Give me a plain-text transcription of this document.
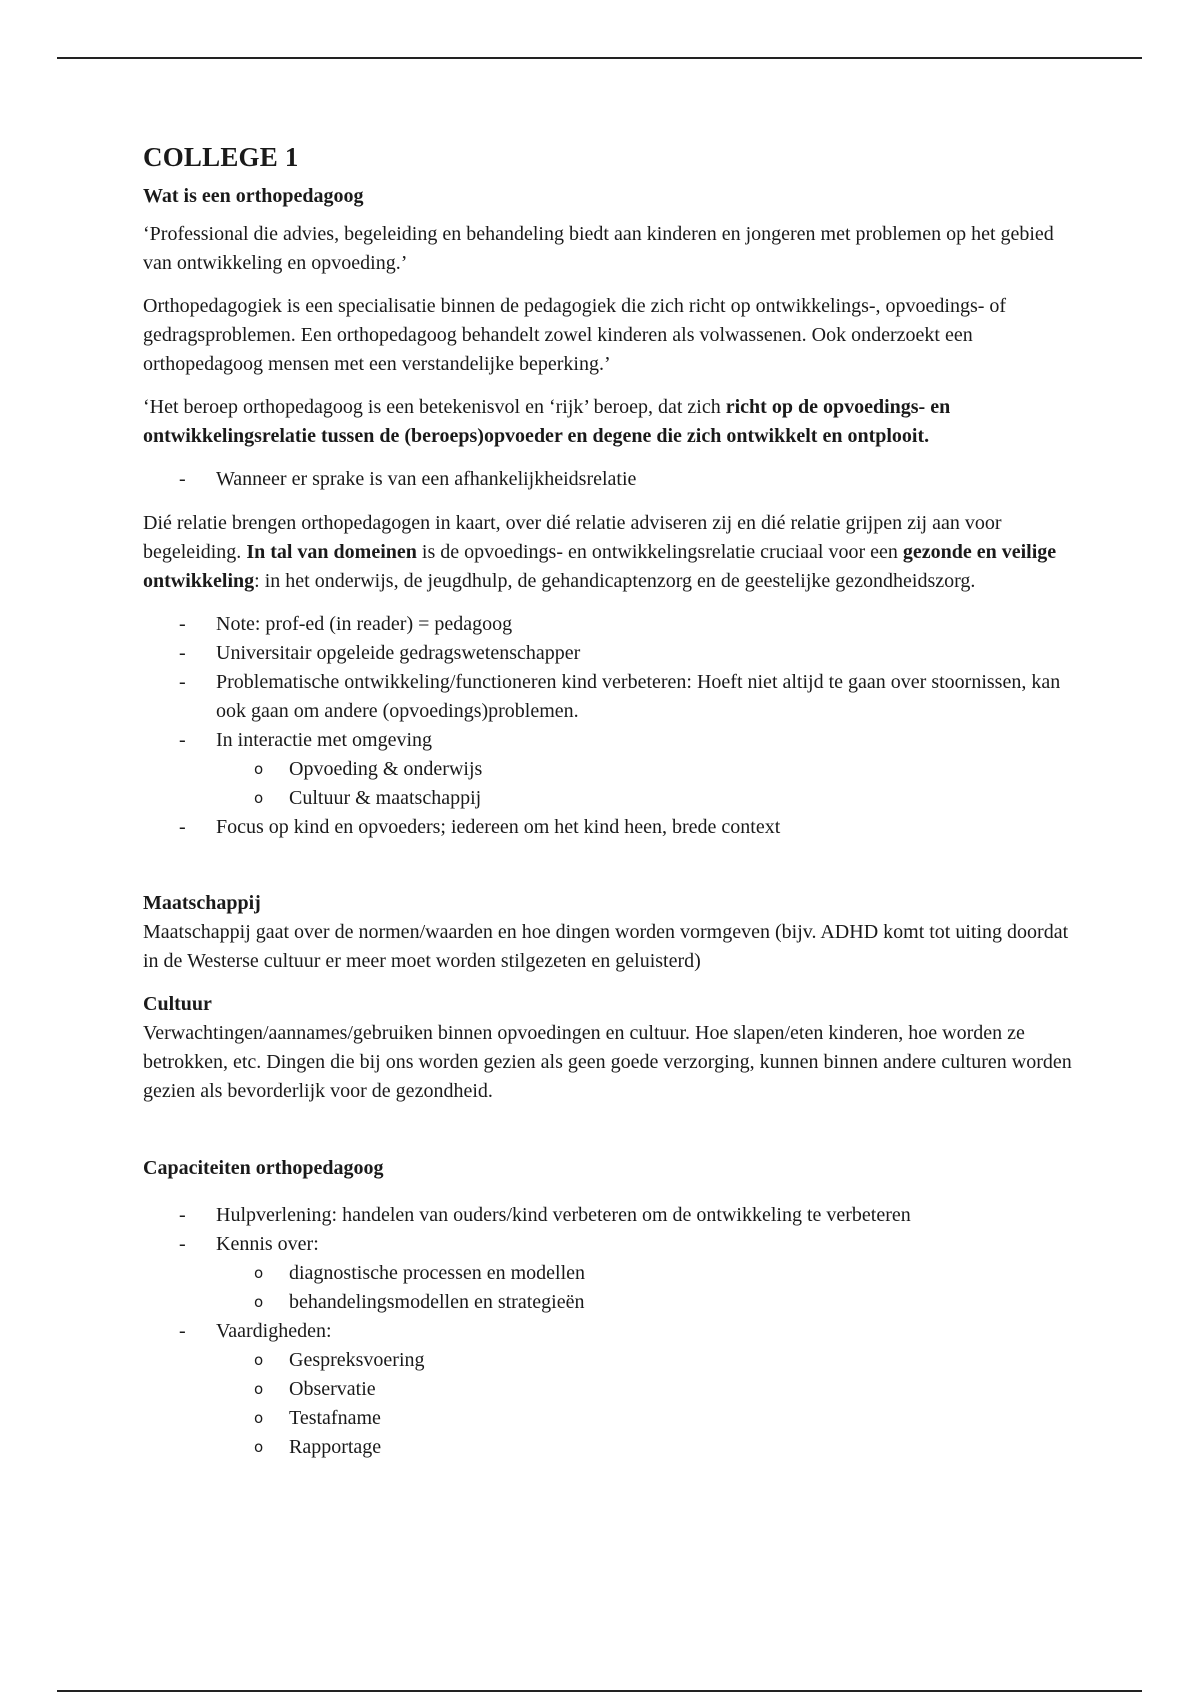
COLLEGE 1
Wat is een orthopedagoog

‘Professional die advies, begeleiding en behandeling biedt aan kinderen en jongeren met problemen op het gebied van ontwikkeling en opvoeding.’

Orthopedagogiek is een specialisatie binnen de pedagogiek die zich richt op ontwikkelings-, opvoedings- of gedragsproblemen. Een orthopedagoog behandelt zowel kinderen als volwassenen. Ook onderzoekt een orthopedagoog mensen met een verstandelijke beperking.’

‘Het beroep orthopedagoog is een betekenisvol en ‘rijk’ beroep, dat zich richt op de opvoedings- en ontwikkelingsrelatie tussen de (beroeps)opvoeder en degene die zich ontwikkelt en ontplooit.

- Wanneer er sprake is van een afhankelijkheidsrelatie

Dié relatie brengen orthopedagogen in kaart, over dié relatie adviseren zij en dié relatie grijpen zij aan voor begeleiding. In tal van domeinen is de opvoedings- en ontwikkelingsrelatie cruciaal voor een gezonde en veilige ontwikkeling: in het onderwijs, de jeugdhulp, de gehandicaptenzorg en de geestelijke gezondheidszorg.

- Note: prof-ed (in reader) = pedagoog
- Universitair opgeleide gedragswetenschapper
- Problematische ontwikkeling/functioneren kind verbeteren: Hoeft niet altijd te gaan over stoornissen, kan ook gaan om andere (opvoedings)problemen.
- In interactie met omgeving
o Opvoeding & onderwijs
o Cultuur & maatschappij
- Focus op kind en opvoeders; iedereen om het kind heen, brede context
Maatschappij

Maatschappij gaat over de normen/waarden en hoe dingen worden vormgeven (bijv. ADHD komt tot uiting doordat in de Westerse cultuur er meer moet worden stilgezeten en geluisterd)

Cultuur

Verwachtingen/aannames/gebruiken binnen opvoedingen en cultuur. Hoe slapen/eten kinderen, hoe worden ze betrokken, etc. Dingen die bij ons worden gezien als geen goede verzorging, kunnen binnen andere culturen worden gezien als bevorderlijk voor de gezondheid.

Capaciteiten orthopedagoog
- Hulpverlening: handelen van ouders/kind verbeteren om de ontwikkeling te verbeteren
- Kennis over:
o diagnostische processen en modellen
o behandelingsmodellen en strategieën
- Vaardigheden:
o Gespreksvoering
o Observatie
o Testafname
o Rapportage
